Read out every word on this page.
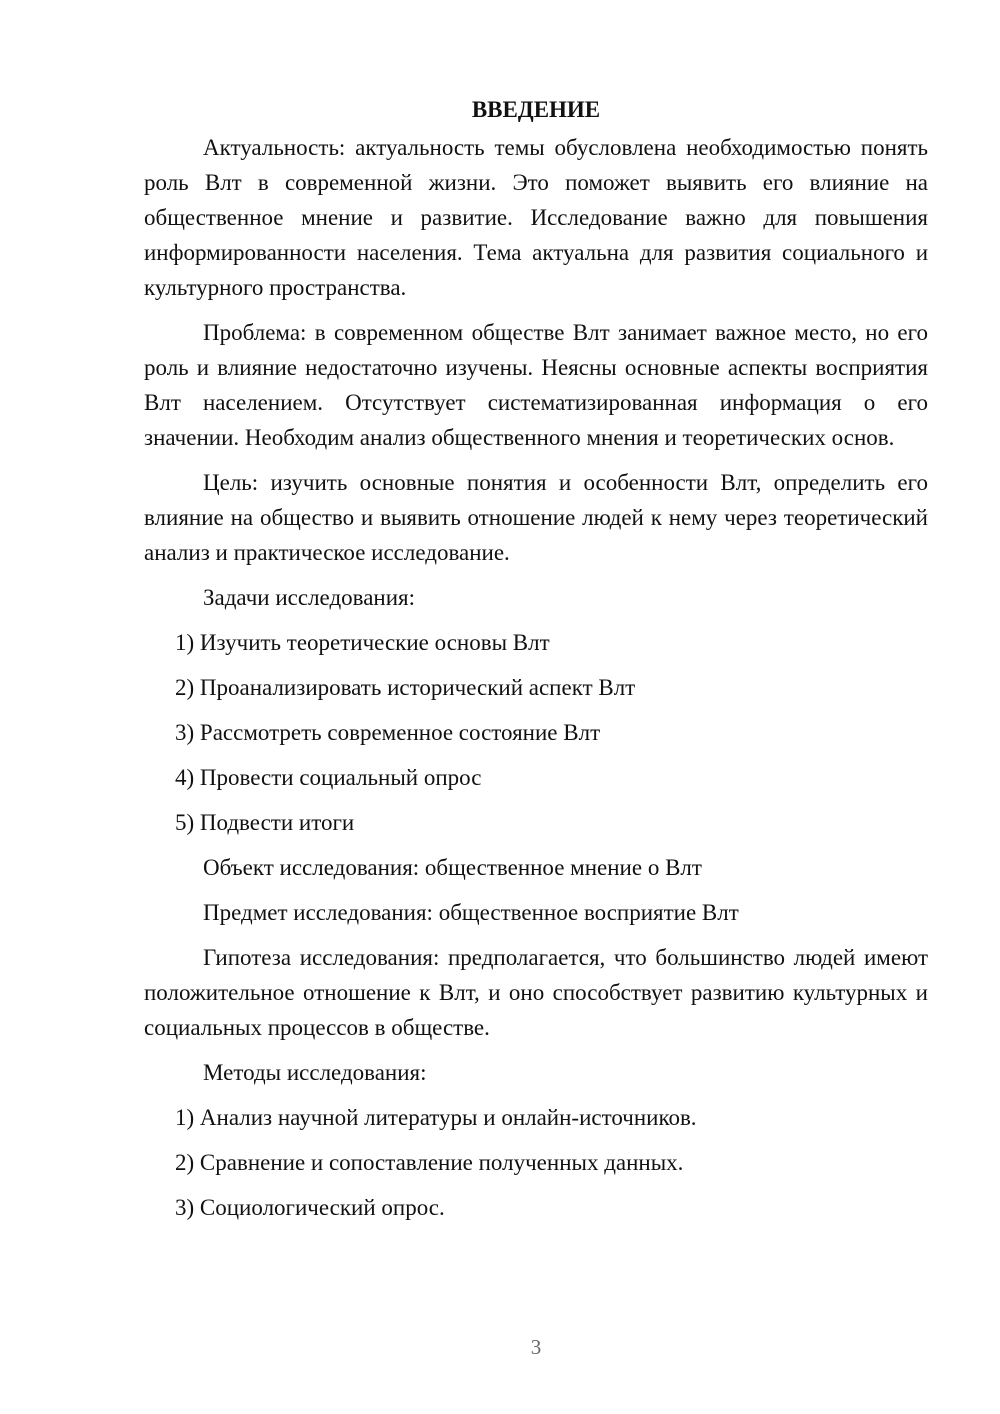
ВВЕДЕНИЕ

Актуальность: актуальность темы обусловлена необходимостью понять роль Влт в современной жизни. Это поможет выявить его влияние на общественное мнение и развитие. Исследование важно для повышения информированности населения. Тема актуальна для развития социального и культурного пространства.

Проблема: в современном обществе Влт занимает важное место, но его роль и влияние недостаточно изучены. Неясны основные аспекты восприятия Влт населением. Отсутствует систематизированная информация о его значении. Необходим анализ общественного мнения и теоретических основ.

Цель: изучить основные понятия и особенности Влт, определить его влияние на общество и выявить отношение людей к нему через теоретический анализ и практическое исследование.

Задачи исследования:
1) Изучить теоретические основы Влт
2) Проанализировать исторический аспект Влт
3) Рассмотреть современное состояние Влт
4) Провести социальный опрос
5) Подвести итоги
Объект исследования: общественное мнение о Влт
Предмет исследования: общественное восприятие Влт

Гипотеза исследования: предполагается, что большинство людей имеют положительное отношение к Влт, и оно способствует развитию культурных и социальных процессов в обществе.

Методы исследования:
1) Анализ научной литературы и онлайн-источников.
2) Сравнение и сопоставление полученных данных.
3) Социологический опрос.
3
